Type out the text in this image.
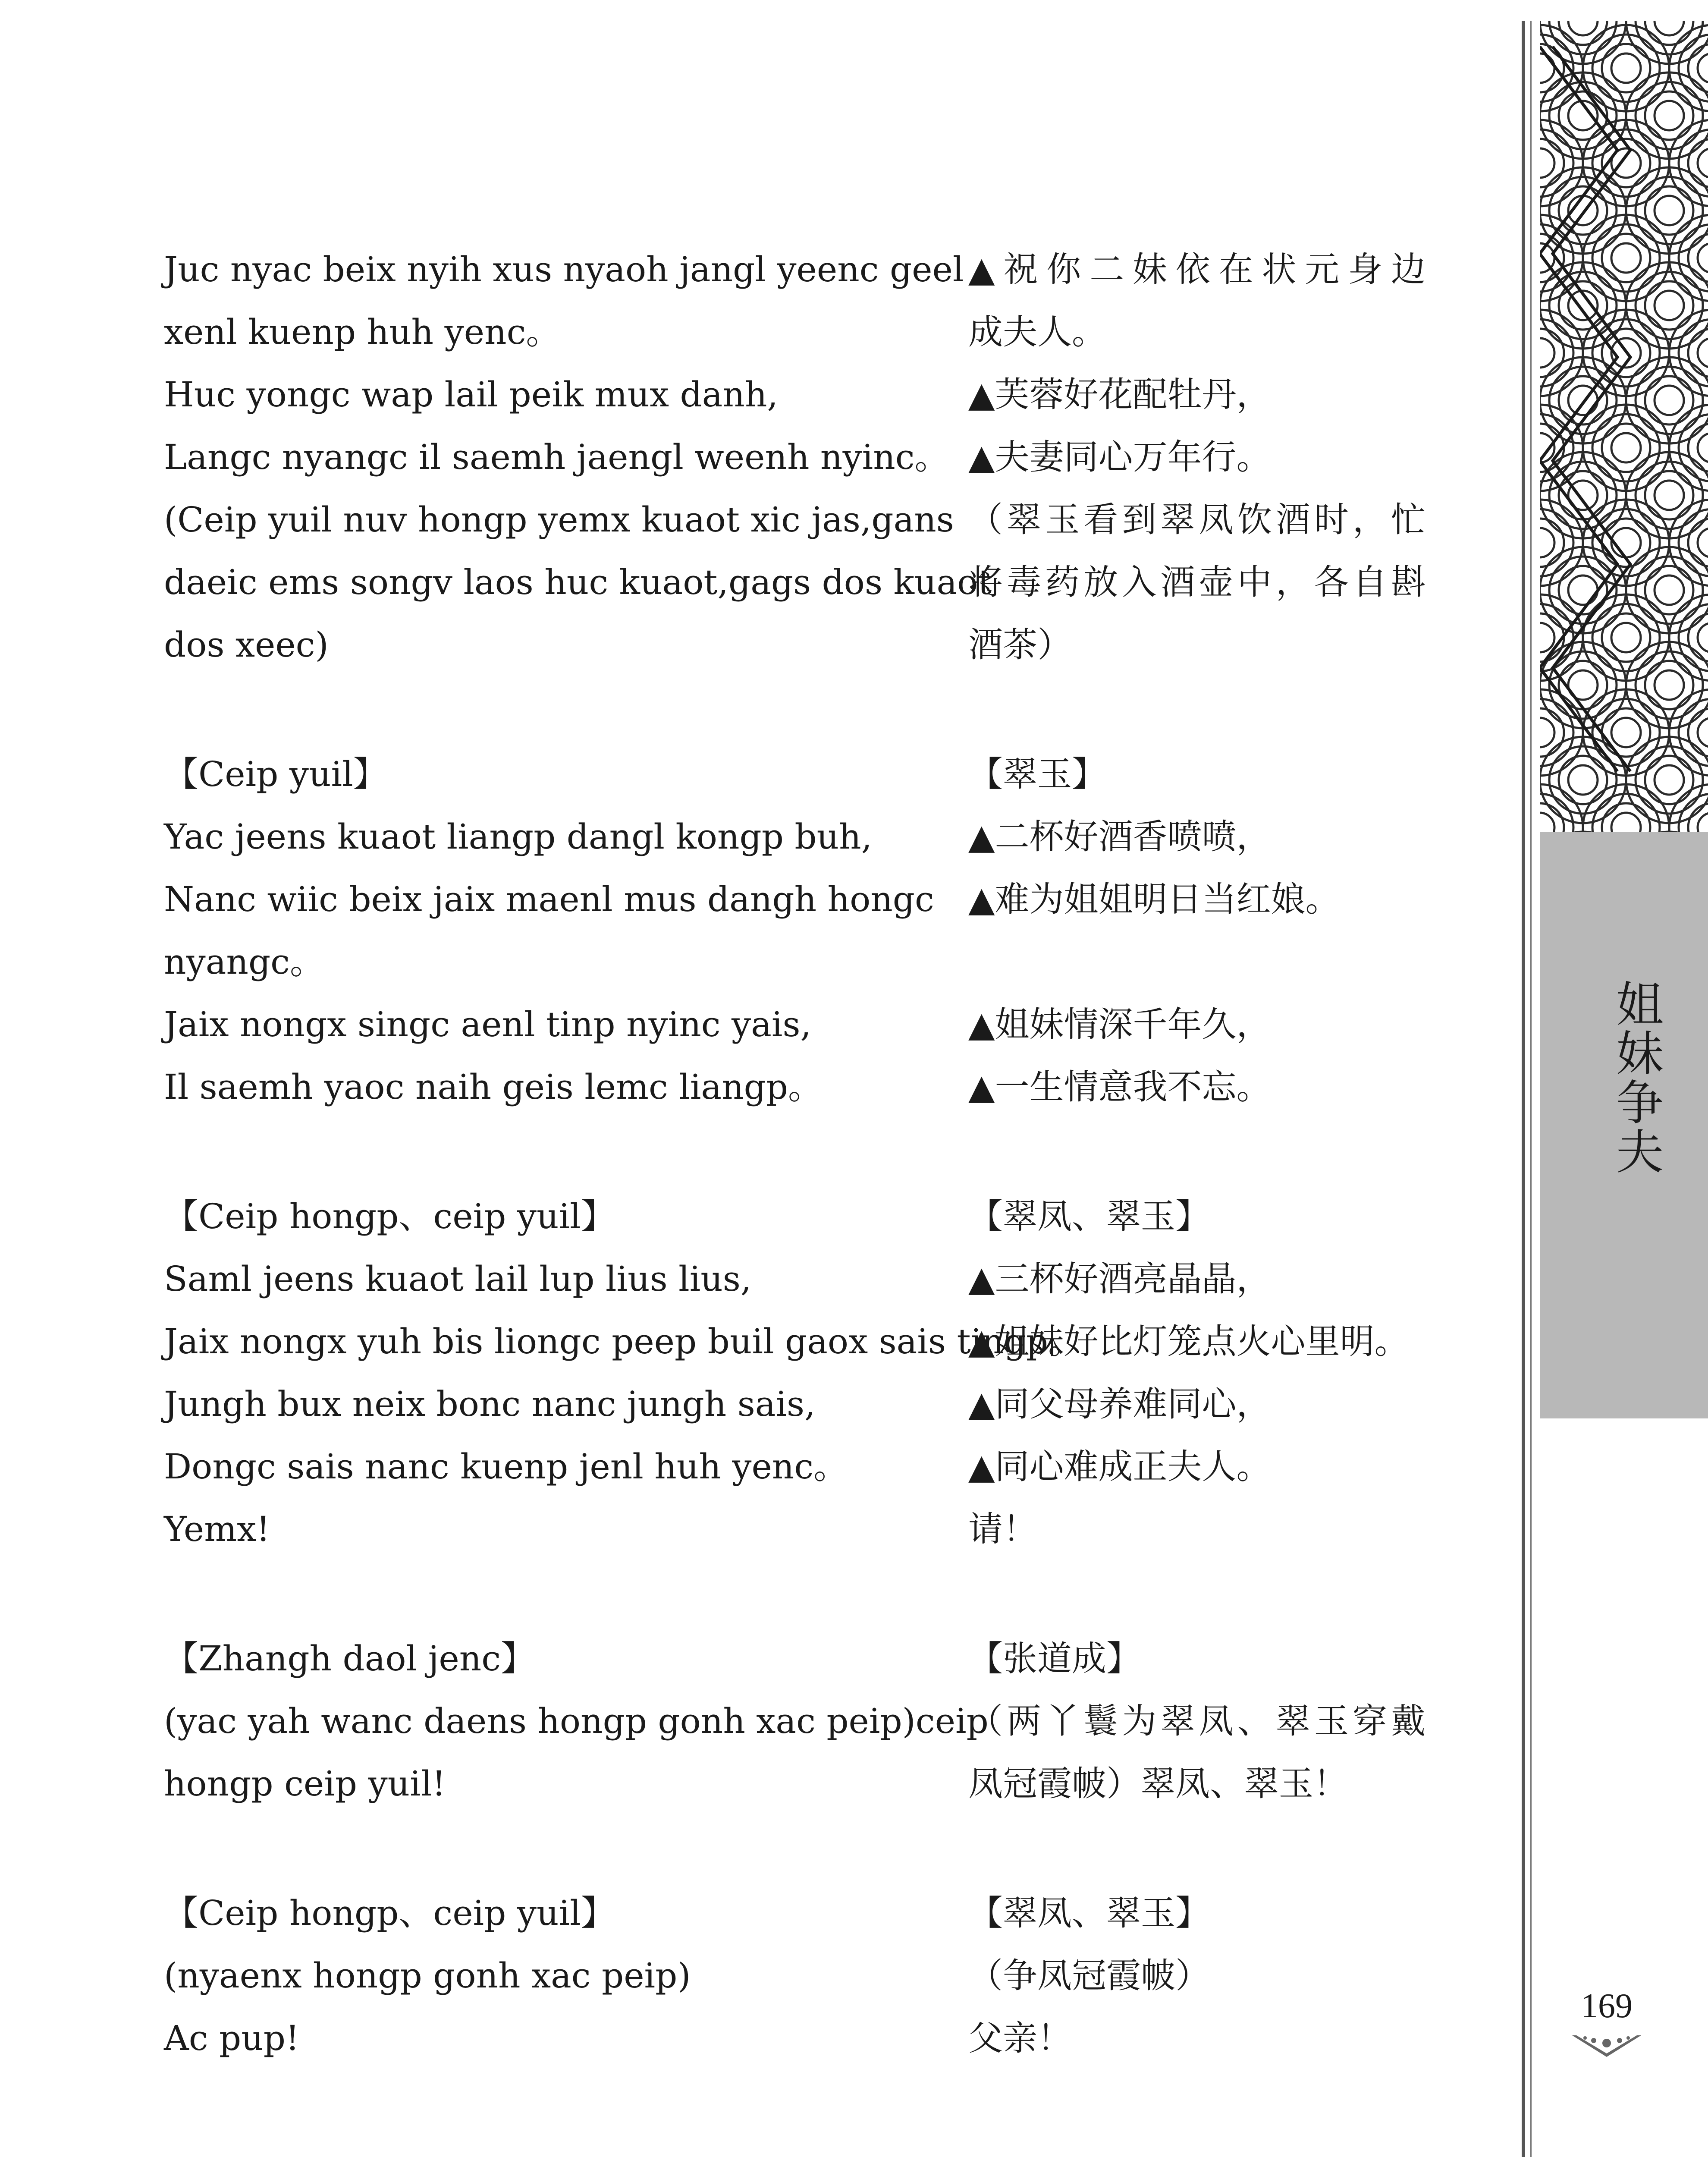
Juc nyac beix nyih xus nyaoh jangl yeenc geel
xenl kuenp huh yenc。
Huc yongc wap lail peik mux danh,
Langc nyangc il saemh jaengl weenh nyinc。
(Ceip yuil nuv hongp yemx kuaot xic jas,gans
daeic ems songv laos huc kuaot,gags dos kuaot
dos xeec)
【Ceip yuil】
Yac jeens kuaot liangp dangl kongp buh,
Nanc wiic beix jaix maenl mus dangh hongc
nyangc。
Jaix nongx singc aenl tinp nyinc yais,
Il saemh yaoc naih geis lemc liangp。
【Ceip hongp、ceip yuil】
Saml jeens kuaot lail lup lius lius,
Jaix nongx yuh bis liongc peep buil gaox sais tingp。
Jungh bux neix bonc nanc jungh sais,
Dongc sais nanc kuenp jenl huh yenc。
Yemx!
【Zhangh daol jenc】
(yac yah wanc daens hongp gonh xac peip)ceip
hongp ceip yuil!
【Ceip hongp、ceip yuil】
(nyaenx hongp gonh xac peip)
Ac pup!
▲祝你二妹依在状元身边
成夫人。
▲芙蓉好花配牡丹，
▲夫妻同心万年行。
（翠玉看到翠凤饮酒时，忙
将毒药放入酒壶中，各自斟
酒茶）
【翠玉】
▲二杯好酒香喷喷，
▲难为姐姐明日当红娘。
▲姐妹情深千年久，
▲一生情意我不忘。
【翠凤、翠玉】
▲三杯好酒亮晶晶，
▲姐妹好比灯笼点火心里明。
▲同父母养难同心，
▲同心难成正夫人。
请！
【张道成】
（两丫鬟为翠凤、翠玉穿戴
凤冠霞帔）翠凤、翠玉！
【翠凤、翠玉】
（争凤冠霞帔）
父亲！
姐妹争夫
169
